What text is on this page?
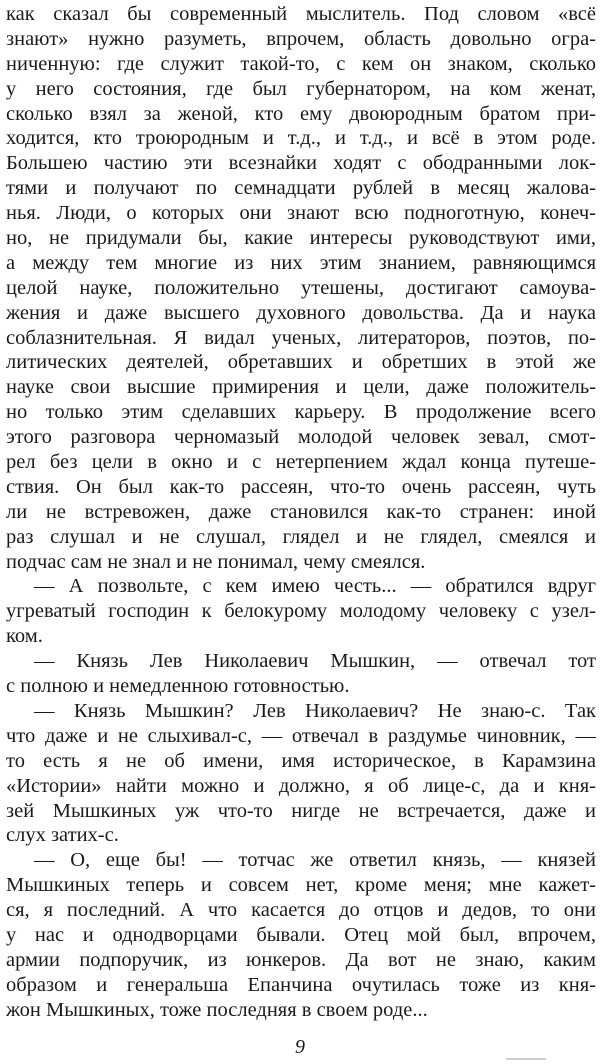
как сказал бы современный мыслитель. Под словом «всё
знают» нужно разуметь, впрочем, область довольно огра-
ниченную: где служит такой-то, с кем он знаком, сколько
у него состояния, где был губернатором, на ком женат,
сколько взял за женой, кто ему двоюродным братом при-
ходится, кто троюродным и т.д., и т.д., и всё в этом роде.
Большею частию эти всезнайки ходят с ободранными лок-
тями и получают по семнадцати рублей в месяц жалова-
нья. Люди, о которых они знают всю подноготную, конеч-
но, не придумали бы, какие интересы руководствуют ими,
а между тем многие из них этим знанием, равняющимся
целой науке, положительно утешены, достигают самоува-
жения и даже высшего духовного довольства. Да и наука
соблазнительная. Я видал ученых, литераторов, поэтов, по-
литических деятелей, обретавших и обретших в этой же
науке свои высшие примирения и цели, даже положитель-
но только этим сделавших карьеру. В продолжение всего
этого разговора черномазый молодой человек зевал, смот-
рел без цели в окно и с нетерпением ждал конца путеше-
ствия. Он был как-то рассеян, что-то очень рассеян, чуть
ли не встревожен, даже становился как-то странен: иной
раз слушал и не слушал, глядел и не глядел, смеялся и
подчас сам не знал и не понимал, чему смеялся.
— А позвольте, с кем имею честь... — обратился вдруг
угреватый господин к белокурому молодому человеку с узел-
ком.
— Князь Лев Николаевич Мышкин, — отвечал тот
с полною и немедленною готовностью.
— Князь Мышкин? Лев Николаевич? Не знаю-с. Так
что даже и не слыхивал-с, — отвечал в раздумье чиновник, —
то есть я не об имени, имя историческое, в Карамзина
«Истории» найти можно и должно, я об лице-с, да и кня-
зей Мышкиных уж что-то нигде не встречается, даже и
слух затих-с.
— О, еще бы! — тотчас же ответил князь, — князей
Мышкиных теперь и совсем нет, кроме меня; мне кажет-
ся, я последний. А что касается до отцов и дедов, то они
у нас и однодворцами бывали. Отец мой был, впрочем,
армии подпоручик, из юнкеров. Да вот не знаю, каким
образом и генеральша Епанчина очутилась тоже из кня-
жон Мышкиных, тоже последняя в своем роде...
9
